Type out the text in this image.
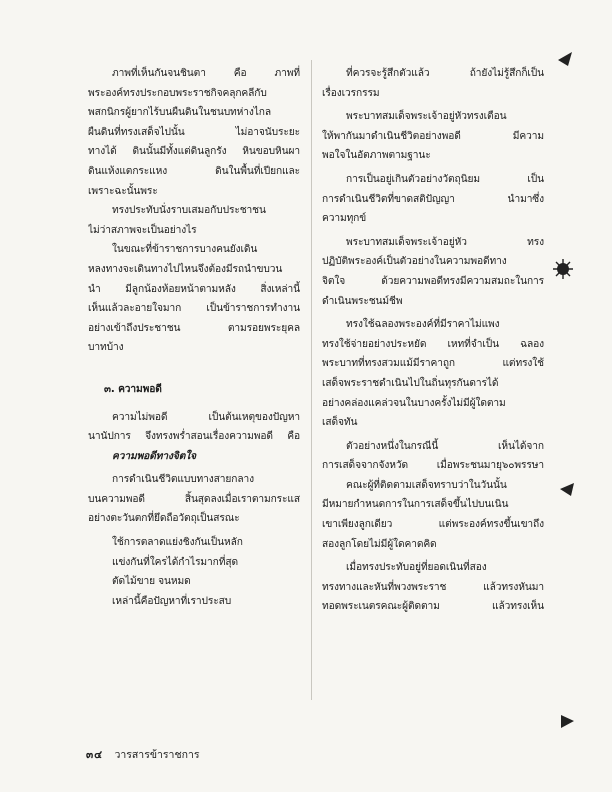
ภาพที่เห็นกันจนชินตา คือ ภาพที่
พระองค์ทรงประกอบพระราชกิจคลุกคลีกับ
พสกนิกรผู้ยากไร้บนผืนดินในชนบทห่างไกล
ผืนดินที่ทรงเสด็จไปนั้น ไม่อาจนับระยะ
ทางได้ ดินนั้นมีทั้งแต่ดินลูกรัง หินขอบหินผา
ดินแห้งแตกระแหง ดินในพื้นที่เปียกและ
เพราะฉะนั้นพระ
ทรงประทับนั่งราบเสมอกับประชาชน
ไม่ว่าสภาพจะเป็นอย่างไร
ในขณะที่ข้าราชการบางคนยังเดิน
หลงทางจะเดินทางไปไหนจึงต้องมีรถนำขบวน
นำ มีลูกน้องห้อยหน้าตามหลัง สิ่งเหล่านี้
เห็นแล้วละอายใจมาก เป็นข้าราชการทำงาน
อย่างเข้าถึงประชาชน ตามรอยพระยุคล
บาทบ้าง
๓. ความพอดี
ความไม่พอดี เป็นต้นเหตุของปัญหา
นานัปการ จึงทรงพร่ำสอนเรื่องความพอดี คือ
ความพอดีทางจิตใจ
การดำเนินชีวิตแบบทางสายกลาง
บนความพอดี สิ้นสุดลงเมื่อเราตามกระแส
อย่างตะวันตกที่ยึดถือวัตถุเป็นสรณะ
ใช้การตลาดแย่งชิงกันเป็นหลัก
แข่งกันที่ใครได้กำไรมากที่สุด
ตัดไม้ขาย จนหมด
เหล่านี้คือปัญหาที่เราประสบ
ที่ควรจะรู้สึกตัวแล้ว ถ้ายังไม่รู้สึกก็เป็น
เรื่องเวรกรรม
พระบาทสมเด็จพระเจ้าอยู่หัวทรงเตือน
ให้พากันมาดำเนินชีวิตอย่างพอดี มีความ
พอใจในอัตภาพตามฐานะ
การเป็นอยู่เกินตัวอย่างวัตถุนิยม เป็น
การดำเนินชีวิตที่ขาดสติปัญญา นำมาซึ่ง
ความทุกข์
พระบาทสมเด็จพระเจ้าอยู่หัว ทรง
ปฏิบัติพระองค์เป็นตัวอย่างในความพอดีทาง
จิตใจ ด้วยความพอดีทรงมีความสมถะในการ
ดำเนินพระชนม์ชีพ
ทรงใช้ฉลองพระองค์ที่มีราคาไม่แพง
ทรงใช้จ่ายอย่างประหยัด เหทที่จำเป็น ฉลอง
พระบาทที่ทรงสวมแม้มีราคาถูก แต่ทรงใช้
เสด็จพระราชดำเนินไปในถิ่นทุรกันดารได้
อย่างคล่องแคล่วจนในบางครั้งไม่มีผู้ใดตาม
เสด็จทัน
ตัวอย่างหนึ่งในกรณีนี้ เห็นได้จาก
การเสด็จจากจังหวัด เมื่อพระชนมายุ๖๐พรรษา
คณะผู้ที่ติดตามเสด็จทราบว่าในวันนั้น
มีหมายกำหนดการในการเสด็จขึ้นไปบนเนิน
เขาเพียงลูกเดียว แต่พระองค์ทรงขึ้นเขาถึง
สองลูกโดยไม่มีผู้ใดคาดคิด
เมื่อทรงประทับอยู่ที่ยอดเนินที่สอง
ทรงทางและหันที่พวงพระราช แล้วทรงหันมา
ทอดพระเนตรคณะผู้ติดตาม แล้วทรงเห็น
๓๔ วารสารข้าราชการ
